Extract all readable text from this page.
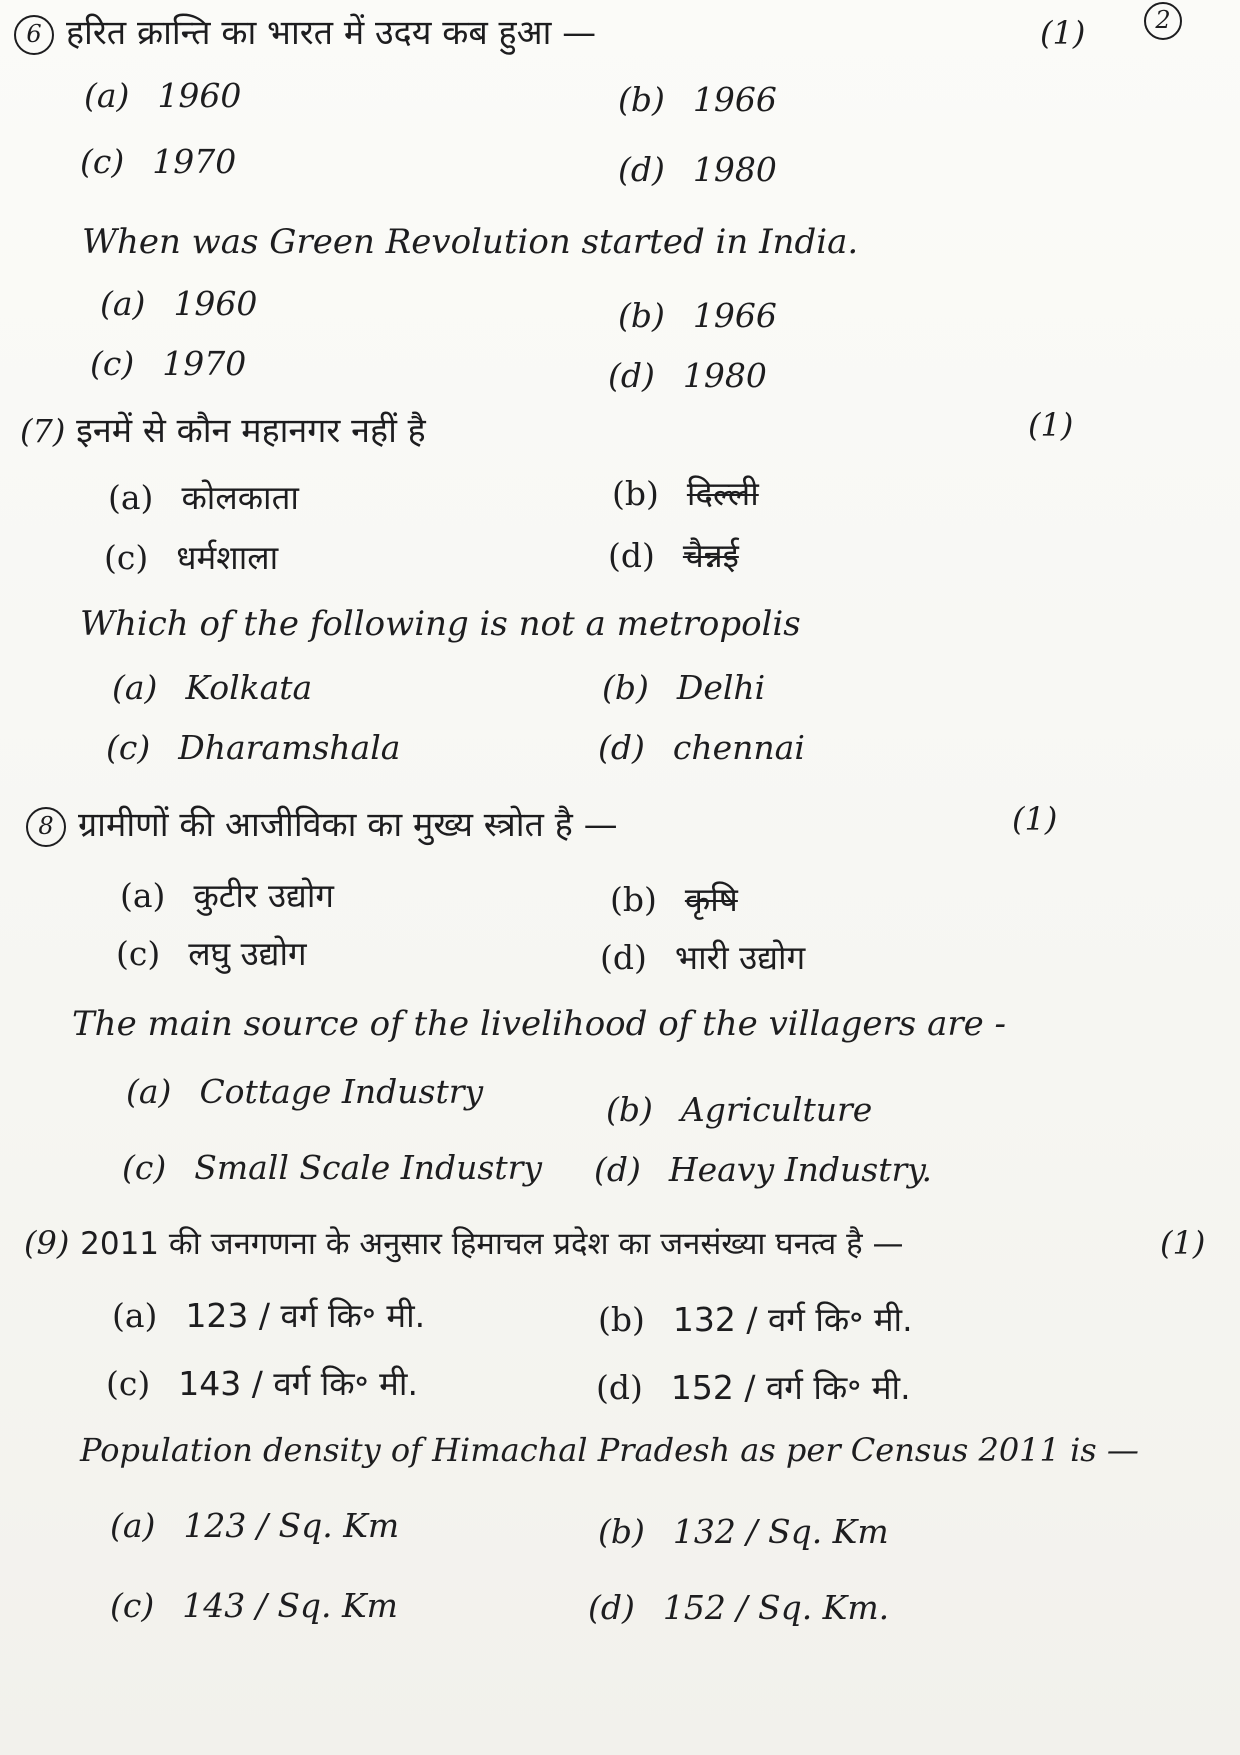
2
6 हरित क्रान्ति का भारत में उदय कब हुआ —	(1)
(a) 1960	(b) 1966
(c) 1970	(d) 1980
When was Green Revolution started in India.
(a) 1960	(b) 1966
(c) 1970	(d) 1980
(7) इनमें से कौन महानगर नहीं है	(1)
(a) कोलकाता	(b) दिल्ली
(c) धर्मशाला	(d) चैन्नई
Which of the following is not a metropolis
(a) Kolkata	(b) Delhi
(c) Dharamshala	(d) chennai
8 ग्रामीणों की आजीविका का मुख्य स्त्रोत है —	(1)
(a) कुटीर उद्योग	(b) कृषि
(c) लघु उद्योग	(d) भारी उद्योग
The main source of the livelihood of the villagers are -
(a) Cottage Industry	(b) Agriculture
(c) Small Scale Industry (d) Heavy Industry.
(9) 2011 की जनगणना के अनुसार हिमाचल प्रदेश का जनसंख्या घनत्व है —	(1)
(a) 123 / वर्ग कि॰ मी.	(b) 132 / वर्ग कि॰ मी.
(c) 143 / वर्ग कि॰ मी.	(d) 152 / वर्ग कि॰ मी.
Population density of Himachal Pradesh as per Census 2011 is —
(a) 123 / Sq. Km	(b) 132 / Sq. Km
(c) 143 / Sq. Km	(d) 152 / Sq. Km.
